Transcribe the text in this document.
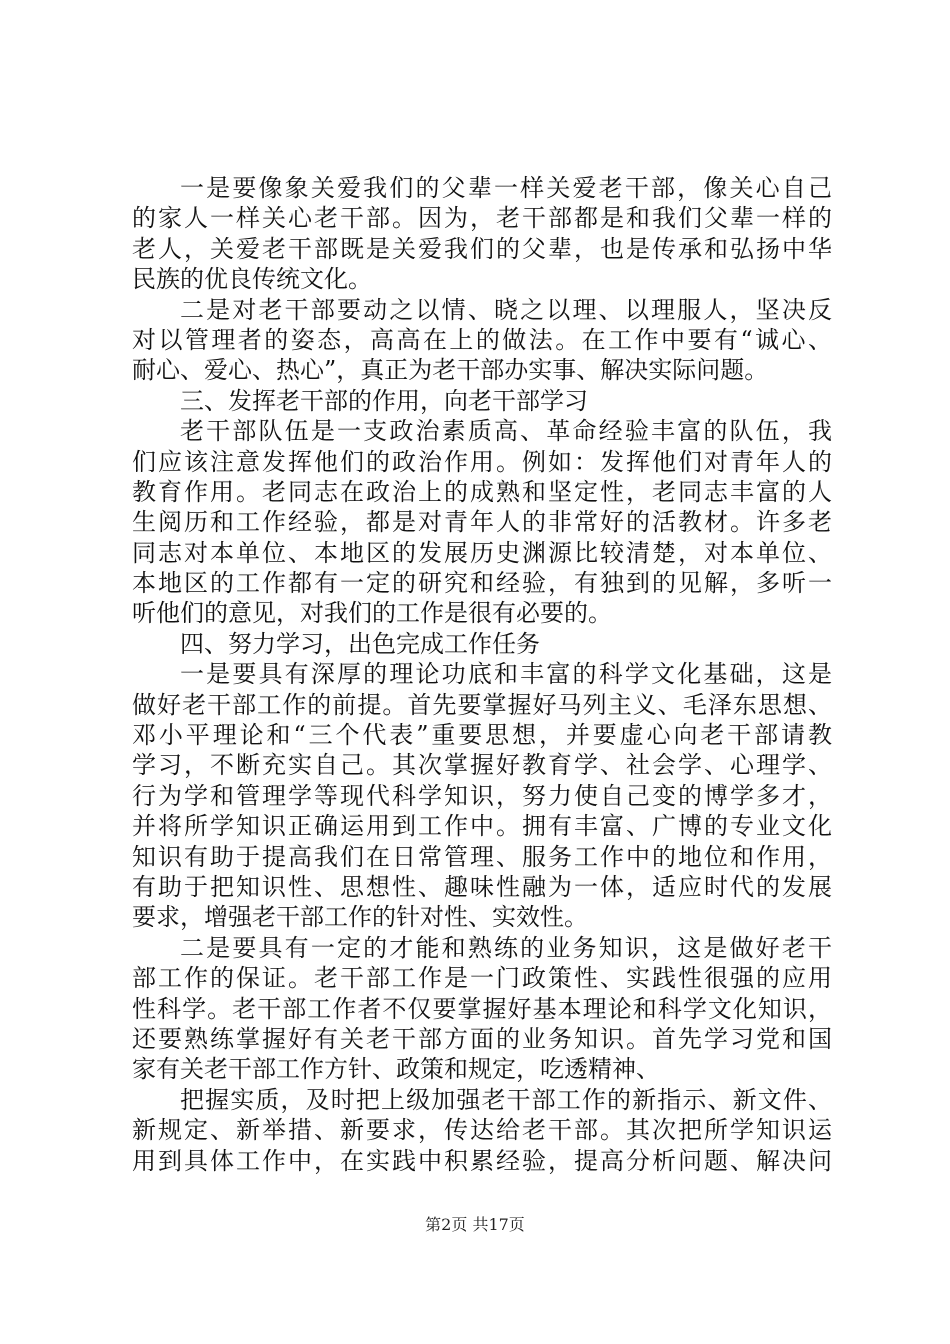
一是要像象关爱我们的父辈一样关爱老干部，像关心自己
的家人一样关心老干部。因为，老干部都是和我们父辈一样的
老人，关爱老干部既是关爱我们的父辈，也是传承和弘扬中华
民族的优良传统文化。
二是对老干部要动之以情、晓之以理、以理服人，坚决反
对以管理者的姿态，高高在上的做法。在工作中要有“诚心、
耐心、爱心、热心”，真正为老干部办实事、解决实际问题。
三、发挥老干部的作用，向老干部学习
老干部队伍是一支政治素质高、革命经验丰富的队伍，我
们应该注意发挥他们的政治作用。例如：发挥他们对青年人的
教育作用。老同志在政治上的成熟和坚定性，老同志丰富的人
生阅历和工作经验，都是对青年人的非常好的活教材。许多老
同志对本单位、本地区的发展历史渊源比较清楚，对本单位、
本地区的工作都有一定的研究和经验，有独到的见解，多听一
听他们的意见，对我们的工作是很有必要的。
四、努力学习，出色完成工作任务
一是要具有深厚的理论功底和丰富的科学文化基础，这是
做好老干部工作的前提。首先要掌握好马列主义、毛泽东思想、
邓小平理论和“三个代表”重要思想，并要虚心向老干部请教
学习，不断充实自己。其次掌握好教育学、社会学、心理学、
行为学和管理学等现代科学知识，努力使自己变的博学多才，
并将所学知识正确运用到工作中。拥有丰富、广博的专业文化
知识有助于提高我们在日常管理、服务工作中的地位和作用，
有助于把知识性、思想性、趣味性融为一体，适应时代的发展
要求，增强老干部工作的针对性、实效性。
二是要具有一定的才能和熟练的业务知识，这是做好老干
部工作的保证。老干部工作是一门政策性、实践性很强的应用
性科学。老干部工作者不仅要掌握好基本理论和科学文化知识，
还要熟练掌握好有关老干部方面的业务知识。首先学习党和国
家有关老干部工作方针、政策和规定，吃透精神、
把握实质，及时把上级加强老干部工作的新指示、新文件、
新规定、新举措、新要求，传达给老干部。其次把所学知识运
用到具体工作中，在实践中积累经验，提高分析问题、解决问
第2页 共17页
